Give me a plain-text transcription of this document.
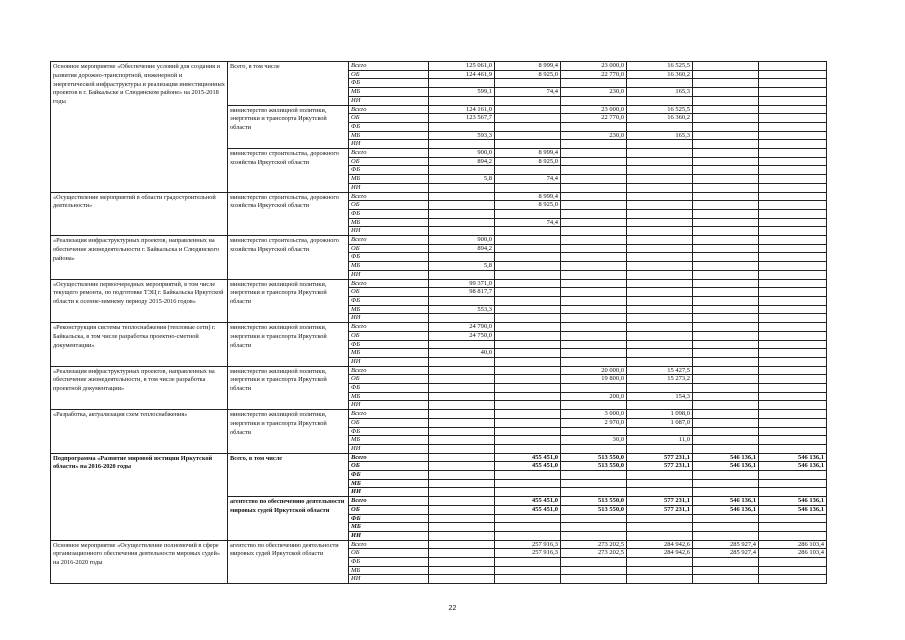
Основное мероприятие «Обеспечение условий для создания и развития дорожно-транспортной, инженерной и энергетической инфраструктуры и реализация инвестиционных проектов в г. Байкальске и Слюдянском районе» на 2015-2018 годы	Всего, в том числе	Всего	125 061,0	8 999,4	23 000,0	16 525,5		
		ОБ	124 461,9	8 925,0	22 770,0	16 360,2		
		ФБ						
		МБ	599,1	74,4	230,0	165,3		
		ИИ						
	министерство жилищной политики, энергетики и транспорта Иркутской области	Всего	124 161,0		23 000,0	16 525,5		
		ОБ	123 567,7		22 770,0	16 360,2		
		ФБ						
		МБ	593,3		230,0	165,3		
		ИИ						
	министерство строительства, дорожного хозяйства Иркутской области	Всего	900,0	8 999,4				
		ОБ	894,2	8 925,0				
		ФБ						
		МБ	5,8	74,4				
		ИИ						
«Осуществление мероприятий в области градостроительной деятельности»	министерство строительства, дорожного хозяйства Иркутской области	Всего		8 999,4				
		ОБ		8 925,0				
		ФБ						
		МБ		74,4				
		ИИ						
«Реализация инфраструктурных проектов, направленных на обеспечение жизнедеятельности г. Байкальска и Слюдянского района»	министерство строительства, дорожного хозяйства Иркутской области	Всего	900,0					
		ОБ	894,2					
		ФБ						
		МБ	5,8					
		ИИ						
«Осуществление первоочередных мероприятий, в том числе текущего ремонта, по подготовке ТЭЦ г. Байкальска Иркутской области к осенне-зимнему периоду 2015-2016 годов»	министерство жилищной политики, энергетики и транспорта Иркутской области	Всего	99 371,0					
		ОБ	98 817,7					
		ФБ						
		МБ	553,3					
		ИИ						
«Реконструкция системы теплоснабжения (тепловые сети) г. Байкальска, в том числе разработка проектно-сметной документации»	министерство жилищной политики, энергетики и транспорта Иркутской области	Всего	24 790,0					
		ОБ	24 750,0					
		ФБ						
		МБ	40,0					
		ИИ						
«Реализация инфраструктурных проектов, направленных на обеспечение жизнедеятельности, в том числе разработка проектной документации»	министерство жилищной политики, энергетики и транспорта Иркутской области	Всего			20 000,0	15 427,5		
		ОБ			19 800,0	15 273,2		
		ФБ						
		МБ			200,0	154,3		
		ИИ						
«Разработка, актуализация схем теплоснабжения»	министерство жилищной политики, энергетики и транспорта Иркутской области	Всего			3 000,0	1 098,0		
		ОБ			2 970,0	1 087,0		
		ФБ						
		МБ			30,0	11,0		
		ИИ						
Подпрограмма «Развитие мировой юстиции Иркутской области» на 2016-2020 годы	Всего, в том числе	Всего		455 451,0	513 550,0	577 231,1	546 136,1	546 136,1
		ОБ		455 451,0	513 550,0	577 231,1	546 136,1	546 136,1
		ФБ						
		МБ						
		ИИ						
	агентство по обеспечению деятельности мировых судей Иркутской области	Всего		455 451,0	513 550,0	577 231,1	546 136,1	546 136,1
		ОБ		455 451,0	513 550,0	577 231,1	546 136,1	546 136,1
		ФБ						
		МБ						
		ИИ						
Основное мероприятие «Осуществление полномочий в сфере организационного обеспечения деятельности мировых судей» на 2016-2020 годы	агентство по обеспечению деятельности мировых судей Иркутской области	Всего		257 916,3	273 202,5	284 942,6	285 927,4	286 103,4
		ОБ		257 916,3	273 202,5	284 942,6	285 927,4	286 103,4
		ФБ						
		МБ						
		ИИ						
22
